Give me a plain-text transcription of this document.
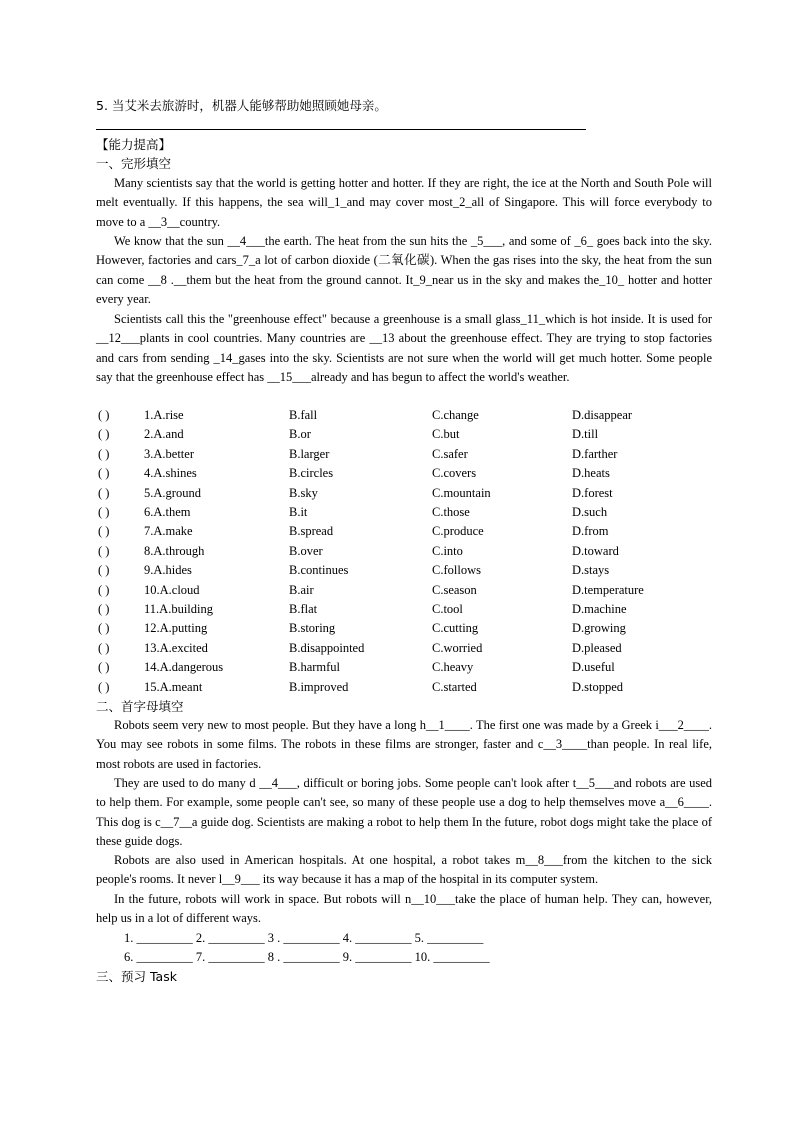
5. 当艾米去旅游时，机器人能够帮助她照顾她母亲。
【能力提高】
一、完形填空
Many scientists say that the world is getting hotter and hotter. If they are right, the ice at the North and South Pole will melt eventually. If this happens, the sea will_1_and may cover most_2_all of Singapore. This will force everybody to move to a __3__country.
We know that the sun __4___the earth. The heat from the sun hits the _5___, and some of _6_ goes back into the sky. However, factories and cars_7_a lot of carbon dioxide (二氧化碳). When the gas rises into the sky, the heat from the sun can come __8 .__them but the heat from the ground cannot. It_9_near us in the sky and makes the_10_ hotter and hotter every year.
Scientists call this the "greenhouse effect" because a greenhouse is a small glass_11_which is hot inside. It is used for __12___plants in cool countries. Many countries are __13 about the greenhouse effect. They are trying to stop factories and cars from sending _14_gases into the sky. Scientists are not sure when the world will get much hotter. Some people say that the greenhouse effect has __15___already and has begun to affect the world's weather.
( )	1.A.rise	B.fall	C.change	D.disappear
( )	2.A.and	B.or	C.but	D.till
( )	3.A.better	B.larger	C.safer	D.farther
( )	4.A.shines	B.circles	C.covers	D.heats
( )	5.A.ground	B.sky	C.mountain	D.forest
( )	6.A.them	B.it	C.those	D.such
( )	7.A.make	B.spread	C.produce	D.from
( )	8.A.through	B.over	C.into	D.toward
( )	9.A.hides	B.continues	C.follows	D.stays
( )	10.A.cloud	B.air	C.season	D.temperature
( )	11.A.building	B.flat	C.tool	D.machine
( )	12.A.putting	B.storing	C.cutting	D.growing
( )	13.A.excited	B.disappointed	C.worried	D.pleased
( )	14.A.dangerous	B.harmful	C.heavy	D.useful
( )	15.A.meant	B.improved	C.started	D.stopped
二、首字母填空
Robots seem very new to most people. But they have a long h__1____. The first one was made by a Greek i___2____. You may see robots in some films. The robots in these films are stronger, faster and c__3____than people. In real life, most robots are used in factories.
They are used to do many d __4___, difficult or boring jobs. Some people can't look after t__5___and robots are used to help them. For example, some people can't see, so many of these people use a dog to help themselves move a__6____. This dog is c__7__a guide dog. Scientists are making a robot to help them In the future, robot dogs might take the place of these guide dogs.
Robots are also used in American hospitals. At one hospital, a robot takes m__8___from the kitchen to the sick people's rooms. It never l__9___ its way because it has a map of the hospital in its computer system.
In the future, robots will work in space. But robots will n__10___take the place of human help. They can, however, help us in a lot of different ways.
1. _________ 2. _________ 3 . _________ 4. _________ 5. _________
6. _________ 7. _________ 8 . _________ 9. _________ 10. _________
三、预习 Task
